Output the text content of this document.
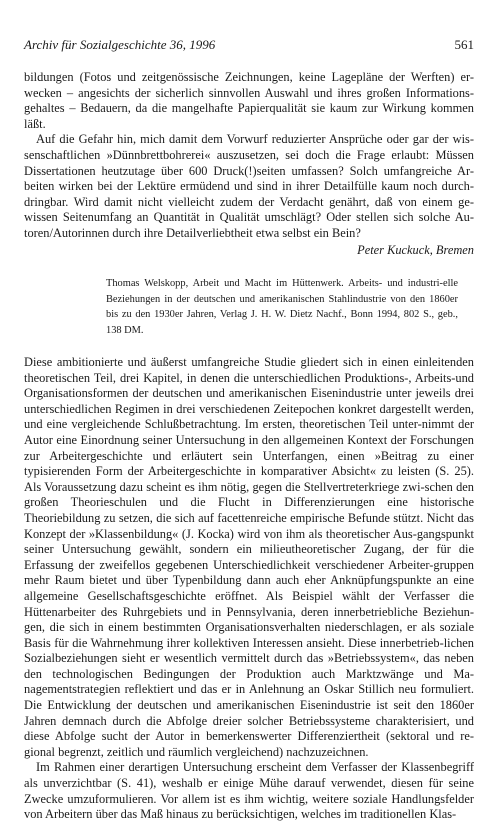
Archiv für Sozialgeschichte 36, 1996	561

bildungen (Fotos und zeitgenössische Zeichnungen, keine Lagepläne der Werften) er-wecken – angesichts der sicherlich sinnvollen Auswahl und ihres großen Informations-gehaltes – Bedauern, da die mangelhafte Papierqualität sie kaum zur Wirkung kommen läßt.

Auf die Gefahr hin, mich damit dem Vorwurf reduzierter Ansprüche oder gar der wis-senschaftlichen »Dünnbrettbohrerei« auszusetzen, sei doch die Frage erlaubt: Müssen Dissertationen heutzutage über 600 Druck(!)seiten umfassen? Solch umfangreiche Ar-beiten wirken bei der Lektüre ermüdend und sind in ihrer Detailfülle kaum noch durch-dringbar. Wird damit nicht vielleicht zudem der Verdacht genährt, daß von einem ge-wissen Seitenumfang an Quantität in Qualität umschlägt? Oder stellen sich solche Au-toren/Autorinnen durch ihre Detailverliebtheit etwa selbst ein Bein?

Peter Kuckuck, Bremen
Thomas Welskopp, Arbeit und Macht im Hüttenwerk. Arbeits- und industri-elle Beziehungen in der deutschen und amerikanischen Stahlindustrie von den 1860er bis zu den 1930er Jahren, Verlag J. H. W. Dietz Nachf., Bonn 1994, 802 S., geb., 138 DM.

Diese ambitionierte und äußerst umfangreiche Studie gliedert sich in einen einleitenden theoretischen Teil, drei Kapitel, in denen die unterschiedlichen Produktions-, Arbeits-und Organisationsformen der deutschen und amerikanischen Eisenindustrie unter jeweils drei unterschiedlichen Regimen in drei verschiedenen Zeitepochen konkret dargestellt werden, und eine vergleichende Schlußbetrachtung. Im ersten, theoretischen Teil unter-nimmt der Autor eine Einordnung seiner Untersuchung in den allgemeinen Kontext der Forschungen zur Arbeitergeschichte und erläutert sein Unterfangen, einen »Beitrag zu einer typisierenden Form der Arbeitergeschichte in komparativer Absicht« zu leisten (S. 25). Als Voraussetzung dazu scheint es ihm nötig, gegen die Stellvertreterkriege zwi-schen den großen Theorieschulen und die Flucht in Differenzierungen eine historische Theoriebildung zu setzen, die sich auf facettenreiche empirische Befunde stützt. Nicht das Konzept der »Klassenbildung« (J. Kocka) wird von ihm als theoretischer Aus-gangspunkt seiner Untersuchung gewählt, sondern ein milieutheoretischer Zugang, der für die Erfassung der zweifellos gegebenen Unterschiedlichkeit verschiedener Arbeiter-gruppen mehr Raum bietet und über Typenbildung dann auch eher Anknüpfungspunkte an eine allgemeine Gesellschaftsgeschichte eröffnet. Als Beispiel wählt der Verfasser die Hüttenarbeiter des Ruhrgebiets und in Pennsylvania, deren innerbetriebliche Beziehun-gen, die sich in einem bestimmten Organisationsverhalten niederschlagen, er als soziale Basis für die Wahrnehmung ihrer kollektiven Interessen ansieht. Diese innerbetrieb-lichen Sozialbeziehungen sieht er wesentlich vermittelt durch das »Betriebssystem«, das neben den technologischen Bedingungen der Produktion auch Marktzwänge und Ma-nagementstrategien reflektiert und das er in Anlehnung an Oskar Stillich neu formuliert. Die Entwicklung der deutschen und amerikanischen Eisenindustrie ist seit den 1860er Jahren demnach durch die Abfolge dreier solcher Betriebssysteme charakterisiert, und diese Abfolge sucht der Autor in bemerkenswerter Differenziertheit (sektoral und re-gional begrenzt, zeitlich und räumlich vergleichend) nachzuzeichnen.

Im Rahmen einer derartigen Untersuchung erscheint dem Verfasser der Klassenbegriff als unverzichtbar (S. 41), weshalb er einige Mühe darauf verwendet, diesen für seine Zwecke umzuformulieren. Vor allem ist es ihm wichtig, weitere soziale Handlungsfelder von Arbeitern über das Maß hinaus zu berücksichtigen, welches im traditionellen Klas-
